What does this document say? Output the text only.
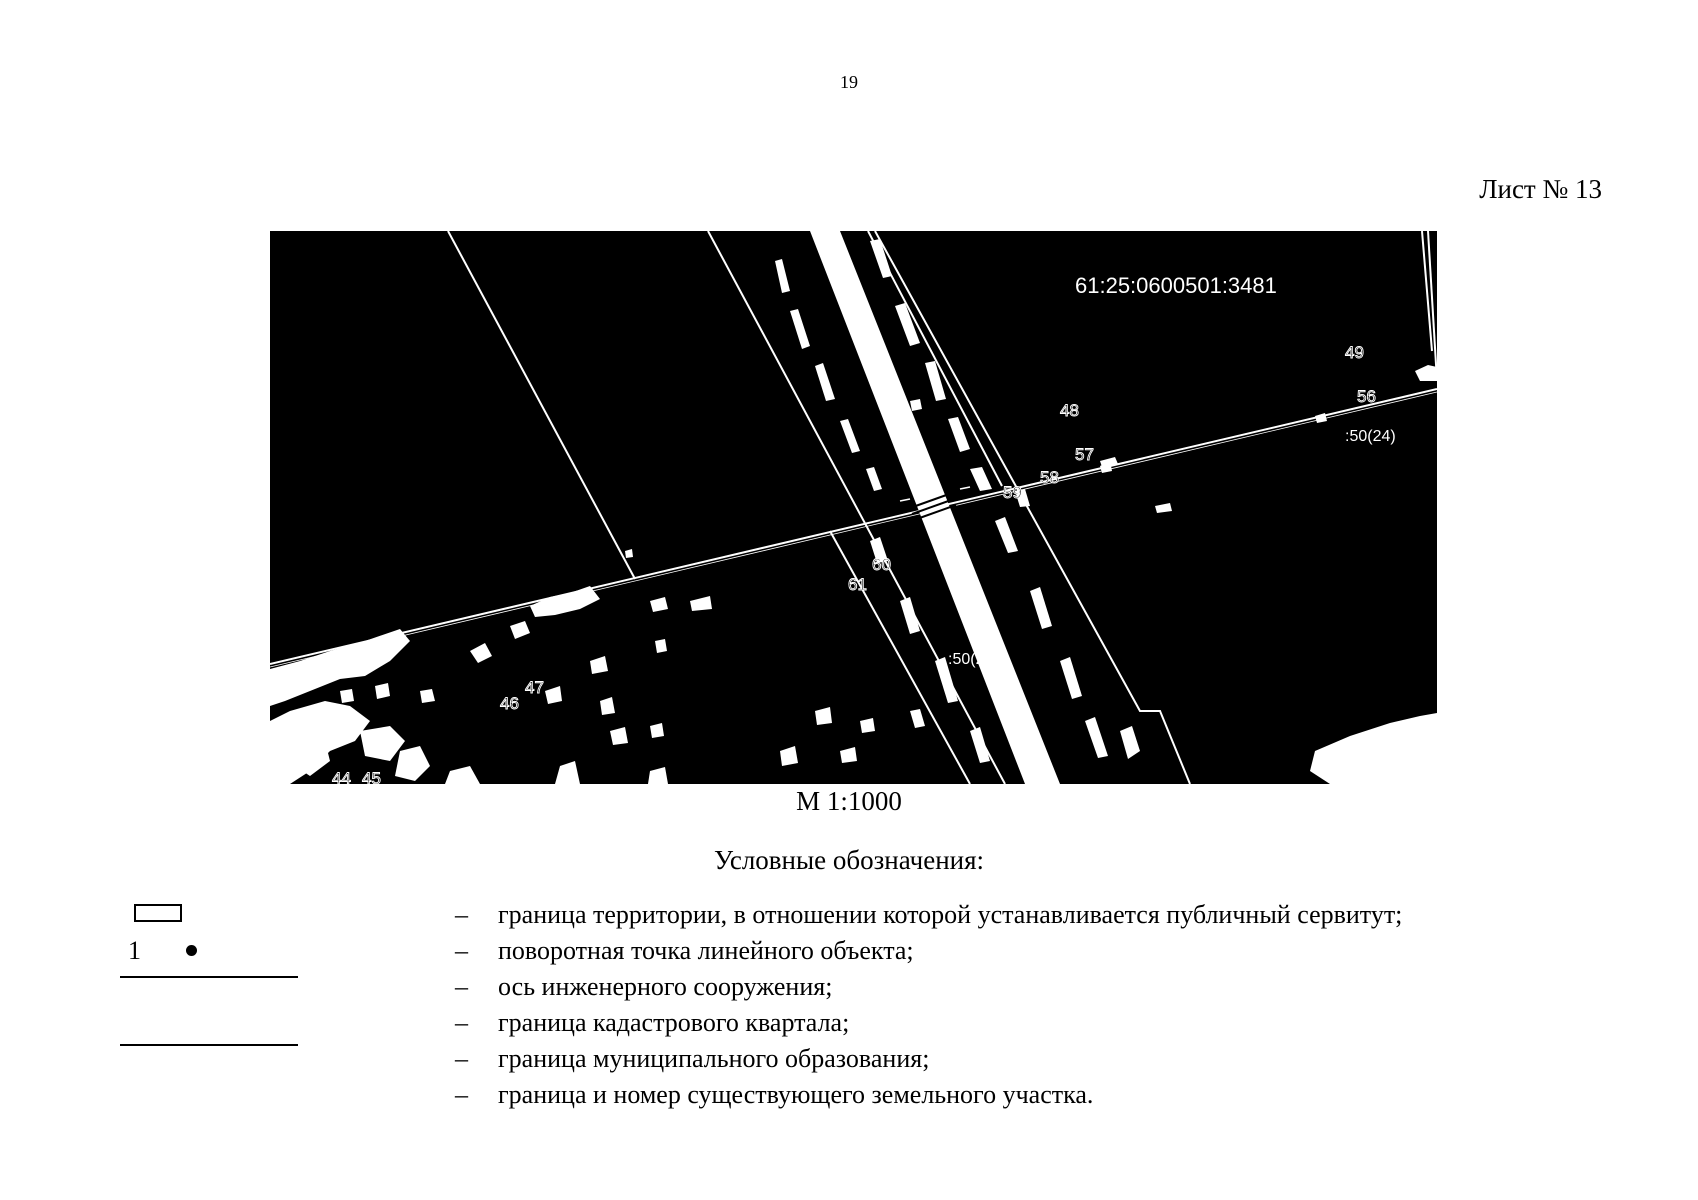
19
Лист № 13
61:25:0600501:3481
:50(24)
:50(2)
44 45
46
47
48
49
56
57
58
59
60
61
М 1:1000
Условные обозначения:
– граница территории, в отношении которой устанавливается публичный сервитут;
1	– поворотная точка линейного объекта;
– ось инженерного сооружения;
– граница кадастрового квартала;
– граница муниципального образования;
– граница и номер существующего земельного участка.
